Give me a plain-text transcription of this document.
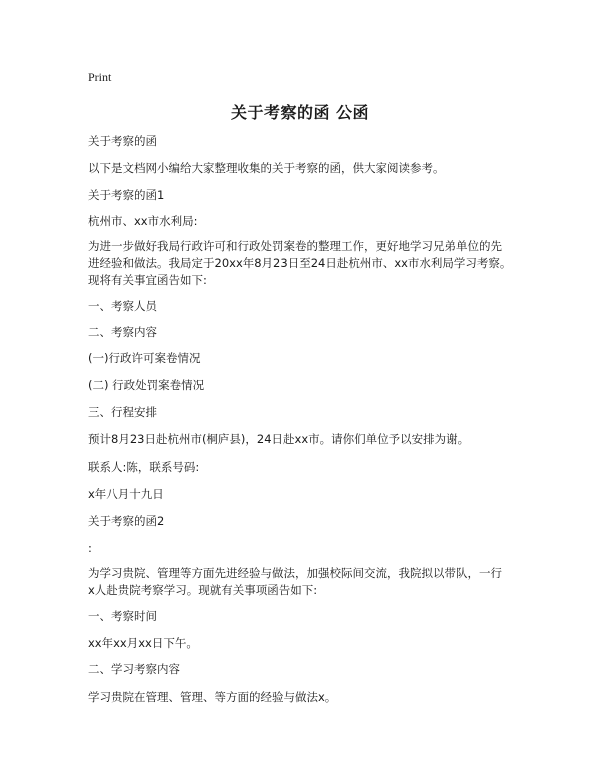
Print
关于考察的函 公函
关于考察的函
以下是文档网小编给大家整理收集的关于考察的函，供大家阅读参考。
关于考察的函1
杭州市、xx市水利局:
为进一步做好我局行政许可和行政处罚案卷的整理工作，更好地学习兄弟单位的先
进经验和做法。我局定于20xx年8月23日至24日赴杭州市、xx市水利局学习考察。
现将有关事宜函告如下:
一、考察人员
二、考察内容
(一)行政许可案卷情况
(二) 行政处罚案卷情况
三、行程安排
预计8月23日赴杭州市(桐庐县)，24日赴xx市。请你们单位予以安排为谢。
联系人:陈，联系号码:
x年八月十九日
关于考察的函2
:
为学习贵院、管理等方面先进经验与做法，加强校际间交流，我院拟以带队，一行
x人赴贵院考察学习。现就有关事项函告如下:
一、考察时间
xx年xx月xx日下午。
二、学习考察内容
学习贵院在管理、管理、等方面的经验与做法x。
